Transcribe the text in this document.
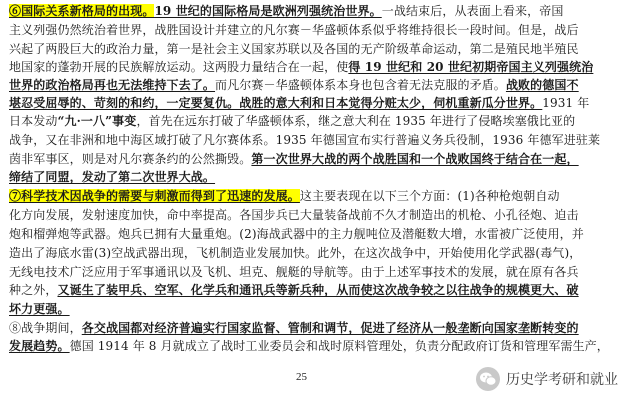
⑥国际关系新格局的出现。19 世纪的国际格局是欧洲列强统治世界。一战结束后，从表面上看来，帝国
主义列强仍然统治着世界，战胜国设计并建立的凡尔赛－华盛顿体系似乎将维持很长一段时间。但是，战后
兴起了两股巨大的政治力量，第一是社会主义国家苏联以及各国的无产阶级革命运动，第二是殖民地半殖民
地国家的蓬勃开展的民族解放运动。这两股力量结合在一起，使得 19 世纪和 20 世纪初期帝国主义列强统治
世界的政治格局再也无法维持下去了。而凡尔赛－华盛顿体系本身也包含着无法克服的矛盾。战败的德国不
堪忍受屈辱的、苛刻的和约，一定要复仇。战胜的意大利和日本觉得分赃太少，伺机重新瓜分世界。1931 年
日本发动“九·一八”事变，首先在远东打破了华盛顿体系，继之意大利在 1935 年进行了侵略埃塞俄比亚的
战争，又在非洲和地中海区域打破了凡尔赛体系。1935 年德国宣布实行普遍义务兵役制，1936 年德军进驻莱
茵非军事区，则是对凡尔赛条约的公然撕毁。第一次世界大战的两个战胜国和一个战败国终于结合在一起，
缔结了同盟，发动了第二次世界大战。
⑦科学技术因战争的需要与刺激而得到了迅速的发展。这主要表现在以下三个方面：(1)各种枪炮朝自动
化方向发展，发射速度加快，命中率提高。各国步兵已大量装备战前不久才制造出的机枪、小孔径炮、迫击
炮和榴弹炮等武器。炮兵已拥有大量重炮。(2)海战武器中的主力舰吨位及潜艇数大增，水雷被广泛使用，并
造出了海底水雷(3)空战武器出现，飞机制造业发展加快。此外，在这次战争中，开始使用化学武器(毒气)，
无线电技术广泛应用于军事通讯以及飞机、坦克、舰艇的导航等。由于上述军事技术的发展，就在原有各兵
种之外，又诞生了装甲兵、空军、化学兵和通讯兵等新兵种，从而使这次战争较之以往战争的规模更大、破
坏力更强。
⑧战争期间，各交战国都对经济普遍实行国家监督、管制和调节，促进了经济从一般垄断向国家垄断转变的
发展趋势。德国 1914 年 8 月就成立了战时工业委员会和战时原料管理处，负责分配政府订货和管理军需生产，
25	历史学考研和就业
